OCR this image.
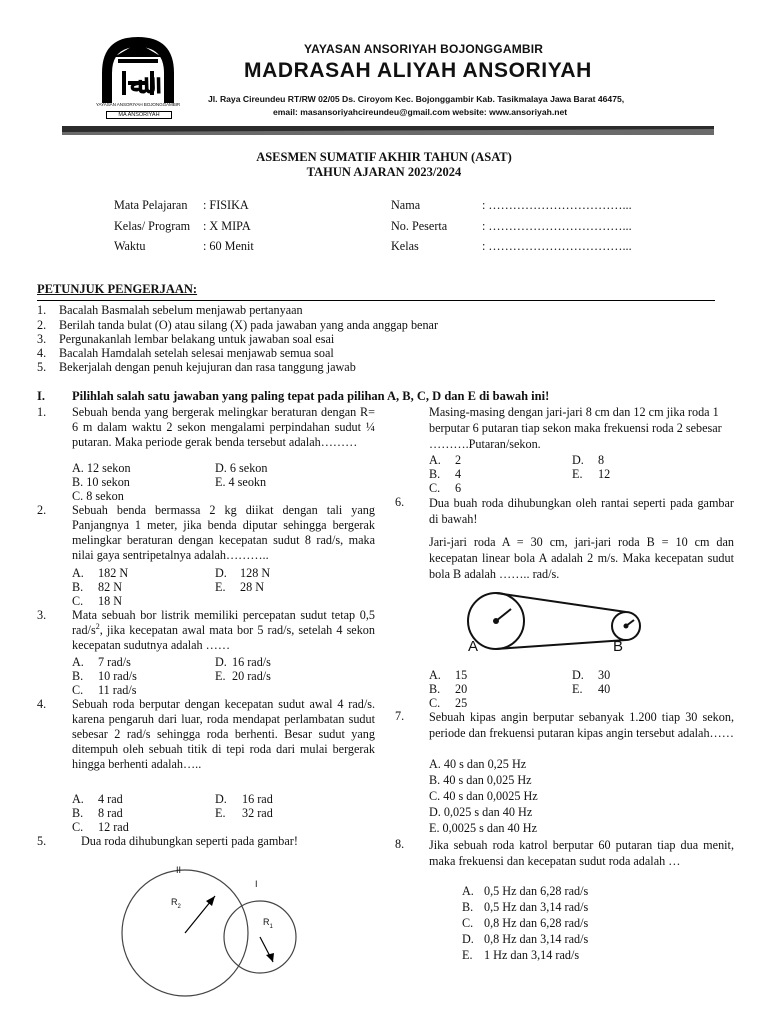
YAYASAN ANSORIYAH BOJONGGAMBIR
MA ANSORIYAH
YAYASAN ANSORIYAH BOJONGGAMBIR
MADRASAH ALIYAH ANSORIYAH
Jl. Raya Cireundeu RT/RW 02/05 Ds. Ciroyom Kec. Bojonggambir Kab. Tasikmalaya Jawa Barat 46475,
email: masansoriyahcireundeu@gmail.com website: www.ansoriyah.net
ASESMEN SUMATIF AKHIR TAHUN (ASAT)
TAHUN AJARAN 2023/2024
Mata Pelajaran : FISIKA
Kelas/ Program : X MIPA
Waktu	: 60 Menit
Nama	: ……………………………...
No. Peserta	: ……………………………...
Kelas	: ……………………………...
PETUNJUK PENGERJAAN:
1. Bacalah Basmalah sebelum menjawab pertanyaan
2. Berilah tanda bulat (O) atau silang (X) pada jawaban yang anda anggap benar
3. Pergunakanlah lembar belakang untuk jawaban soal esai
4. Bacalah Hamdalah setelah selesai menjawab semua soal
5. Bekerjalah dengan penuh kejujuran dan rasa tanggung jawab
I. Pilihlah salah satu jawaban yang paling tepat pada pilihan A, B, C, D dan E di bawah ini!
1. Sebuah benda yang bergerak melingkar beraturan dengan R= 6 m dalam waktu 2 sekon mengalami perpindahan sudut ¼ putaran. Maka periode gerak benda tersebut adalah………
A. 12 sekon	D. 6 sekon
B. 10 sekon	E. 4 seokn
C. 8 sekon
2. Sebuah benda bermassa 2 kg diikat dengan tali yang Panjangnya 1 meter, jika benda diputar sehingga bergerak melingkar beraturan dengan kecepatan sudut 8 rad/s, maka nilai gaya sentripetalnya adalah………..
A. 182 N	D. 128 N
B. 82 N	E. 28 N
C. 18 N
3. Mata sebuah bor listrik memiliki percepatan sudut tetap 0,5 rad/$s^2$, jika kecepatan awal mata bor 5 rad/s, setelah 4 sekon kecepatan sudutnya adalah ……
A. 7 rad/s	D. 16 rad/s
B. 10 rad/s	E. 20 rad/s
C. 11 rad/s
4. Sebuah roda berputar dengan kecepatan sudut awal 4 rad/s. karena pengaruh dari luar, roda mendapat perlambatan sudut sebesar 2 rad/s sehingga roda berhenti. Besar sudut yang ditempuh oleh sebuah titik di tepi roda dari mulai bergerak hingga berhenti adalah…..
A. 4 rad	D. 16 rad
B. 8 rad	E. 32 rad
C. 12 rad
5.	Dua roda dihubungkan seperti pada gambar!
II
I
$R_2$
$R_1$
Masing-masing dengan jari-jari 8 cm dan 12 cm jika roda 1 berputar 6 putaran tiap sekon maka frekuensi roda 2 sebesar ……….Putaran/sekon.
A. 2	D. 8
B. 4	E. 12
C. 6
6. Dua buah roda dihubungkan oleh rantai seperti pada gambar di bawah!
Jari-jari roda A = 30 cm, jari-jari roda B = 10 cm dan kecepatan linear bola A adalah 2 m/s. Maka kecepatan sudut bola B adalah …….. rad/s.
A	B
A. 15	D. 30
B. 20	E. 40
C. 25
7. Sebuah kipas angin berputar sebanyak 1.200 tiap 30 sekon, periode dan frekuensi putaran kipas angin tersebut adalah……
A. 40 s dan 0,25 Hz
B. 40 s dan 0,025 Hz
C. 40 s dan 0,0025 Hz
D. 0,025 s dan 40 Hz
E. 0,0025 s dan 40 Hz
8. Jika sebuah roda katrol berputar 60 putaran tiap dua menit, maka frekuensi dan kecepatan sudut roda adalah …
A. 0,5 Hz dan 6,28 rad/s
B. 0,5 Hz dan 3,14 rad/s
C. 0,8 Hz dan 6,28 rad/s
D. 0,8 Hz dan 3,14 rad/s
E. 1 Hz dan 3,14 rad/s
